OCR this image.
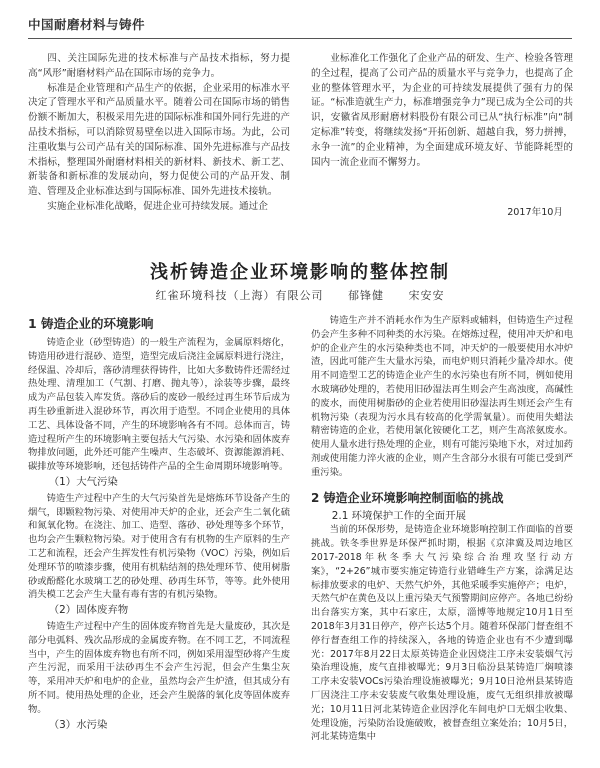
中国耐磨材料与铸件

四、关注国际先进的技术标准与产品技术指标，努力提高“风形”耐磨材料产品在国际市场的竞争力。

标准是企业管理和产品生产的依据，企业采用的标准水平决定了管理水平和产品质量水平。随着公司在国际市场的销售份额不断加大，积极采用先进的国际标准和国外同行先进的产品技术指标，可以消除贸易壁垒以进入国际市场。为此，公司注重收集与公司产品有关的国际标准、国外先进标准与产品技术指标，整理国外耐磨材料相关的新材料、新技术、新工艺、新装备和新标准的发展动向，努力促使公司的产品开发、制造、管理及企业标准达到与国际标准、国外先进技术接轨。

实施企业标准化战略，促进企业可持续发展。通过企

业标准化工作强化了企业产品的研发、生产、检验各管理的全过程，提高了公司产品的质量水平与竞争力，也提高了企业的整体管理水平，为企业的可持续发展提供了强有力的保证。“标准造就生产力，标准增强竞争力”现已成为全公司的共识，安徽省凤形耐磨材料股份有限公司已从“执行标准”向“制定标准”转变，将继续发扬“开拓创新、超越自我，努力拼搏，永争一流”的企业精神，为全面建成环境友好、节能降耗型的国内一流企业而不懈努力。

2017年10月

浅析铸造企业环境影响的整体控制
红雀环境科技（上海）有限公司 郁锋健 宋安安

1 铸造企业的环境影响

铸造企业（砂型铸造）的一般生产流程为，金属原料熔化，铸造用砂进行混砂、造型，造型完成后浇注金属原料进行浇注，经保温、冷却后，落砂清理获得铸件，比如大多数铸件还需经过热处理、清理加工（气割、打磨、抛丸等），涂装等步骤，最终成为产品包装入库发货。落砂后的废砂一般经过再生环节后成为再生砂重新进入混砂环节，再次用于造型。不同企业使用的具体工艺、具体设备不同，产生的环境影响各有不同。总体而言，铸造过程所产生的环境影响主要包括大气污染、水污染和固体废弃物排放问题，此外还可能产生噪声、生态破坏、资源能源消耗、碳排放等环境影响，还包括铸件产品的全生命周期环境影响等。

（1）大气污染

铸造生产过程中产生的大气污染首先是熔炼环节设备产生的烟气，即颗粒物污染、对使用冲天炉的企业，还会产生二氧化硫和氮氧化物。在浇注、加工、造型、落砂、砂处理等多个环节，也均会产生颗粒物污染。对于使用含有有机物的生产原料的生产工艺和流程，还会产生挥发性有机污染物（VOC）污染，例如后处理环节的喷漆步骤，使用有机粘结剂的热处理环节、使用树脂砂或酚醛化水玻璃工艺的砂处理、砂再生环节，等等。此外使用消失模工艺会产生大量有毒有害的有机污染物。

（2）固体废弃物

铸造生产过程中产生的固体废弃物首先是大量废砂，其次是部分电弧料、残次品形成的金属废弃物。在不同工艺，不同流程当中，产生的固体废弃物也有所不同，例如采用湿型砂将产生废产生污泥，而采用干法砂再生不会产生污泥，但会产生集尘灰等，采用冲天炉和电炉的企业，虽然均会产生炉渣，但其成分有所不同。使用热处理的企业，还会产生脱落的氧化皮等固体废弃物。

（3）水污染

铸造生产并不消耗水作为生产原料或辅料，但铸造生产过程仍会产生多种不同种类的水污染。在熔炼过程，使用冲天炉和电炉的企业产生的水污染种类也不同，冲天炉的一般要使用水冲炉渣，因此可能产生大量水污染，而电炉则只消耗少量冷却水。使用不同造型工艺的铸造企业产生的水污染也有所不同，例如使用水玻璃砂处理的，若使用旧砂湿法再生则会产生高浊度，高碱性的废水，而使用树脂砂的企业若使用旧砂湿法再生则还会产生有机物污染（表现为污水具有较高的化学需氧量）。而使用失蜡法精密铸造的企业，若使用氯化铵硬化工艺，则产生高浓氨废水。使用人量水进行热处理的企业，则有可能污染地下水，对过加药剂或使用能力淬火液的企业，则产生含部分水很有可能已受到严重污染。

2 铸造企业环境影响控制面临的挑战

2.1 环境保护工作的全面开展

当前的环保形势，是铸造企业环境影响控制工作面临的首要挑战。铁冬季世界是环保严抓时期，根据《京津冀及周边地区2017-2018年秋冬季大气污染综合治理攻坚行动方案》，“2+26”城市要实施定铸造行业错峰生产方案，涂满足达标排放要求的电炉、天然气炉外，其他采暖季实施停产；电炉，天然气炉在黄色及以上重污染天气预警期间应停产。各地已纷纷出台落实方案，其中石家庄，太原，淄博等地规定10月1日至2018年3月31日停产，停产长达5个月。随着环保部门督查组不停行督查组工作的持续深入，各地的铸造企业也有不少遭到曝光：2017年8月22日太原英铸造企业因烧注工序未安装烟气污染治理设施，废气直排被曝光；9月3日临汾县某铸造厂焖喷漆工序未安装VOCs污染治理设施被曝光；9月10日沧州县某铸造厂因浇注工序未安装废气收集处理设施，废气无组织排放被曝光；10月11日河北某铸造企业因浮化车间电炉口无烟尘收集、处理设施，污染防治设施破败，被督查组立案处治；10月5日，河北某铸造集中
